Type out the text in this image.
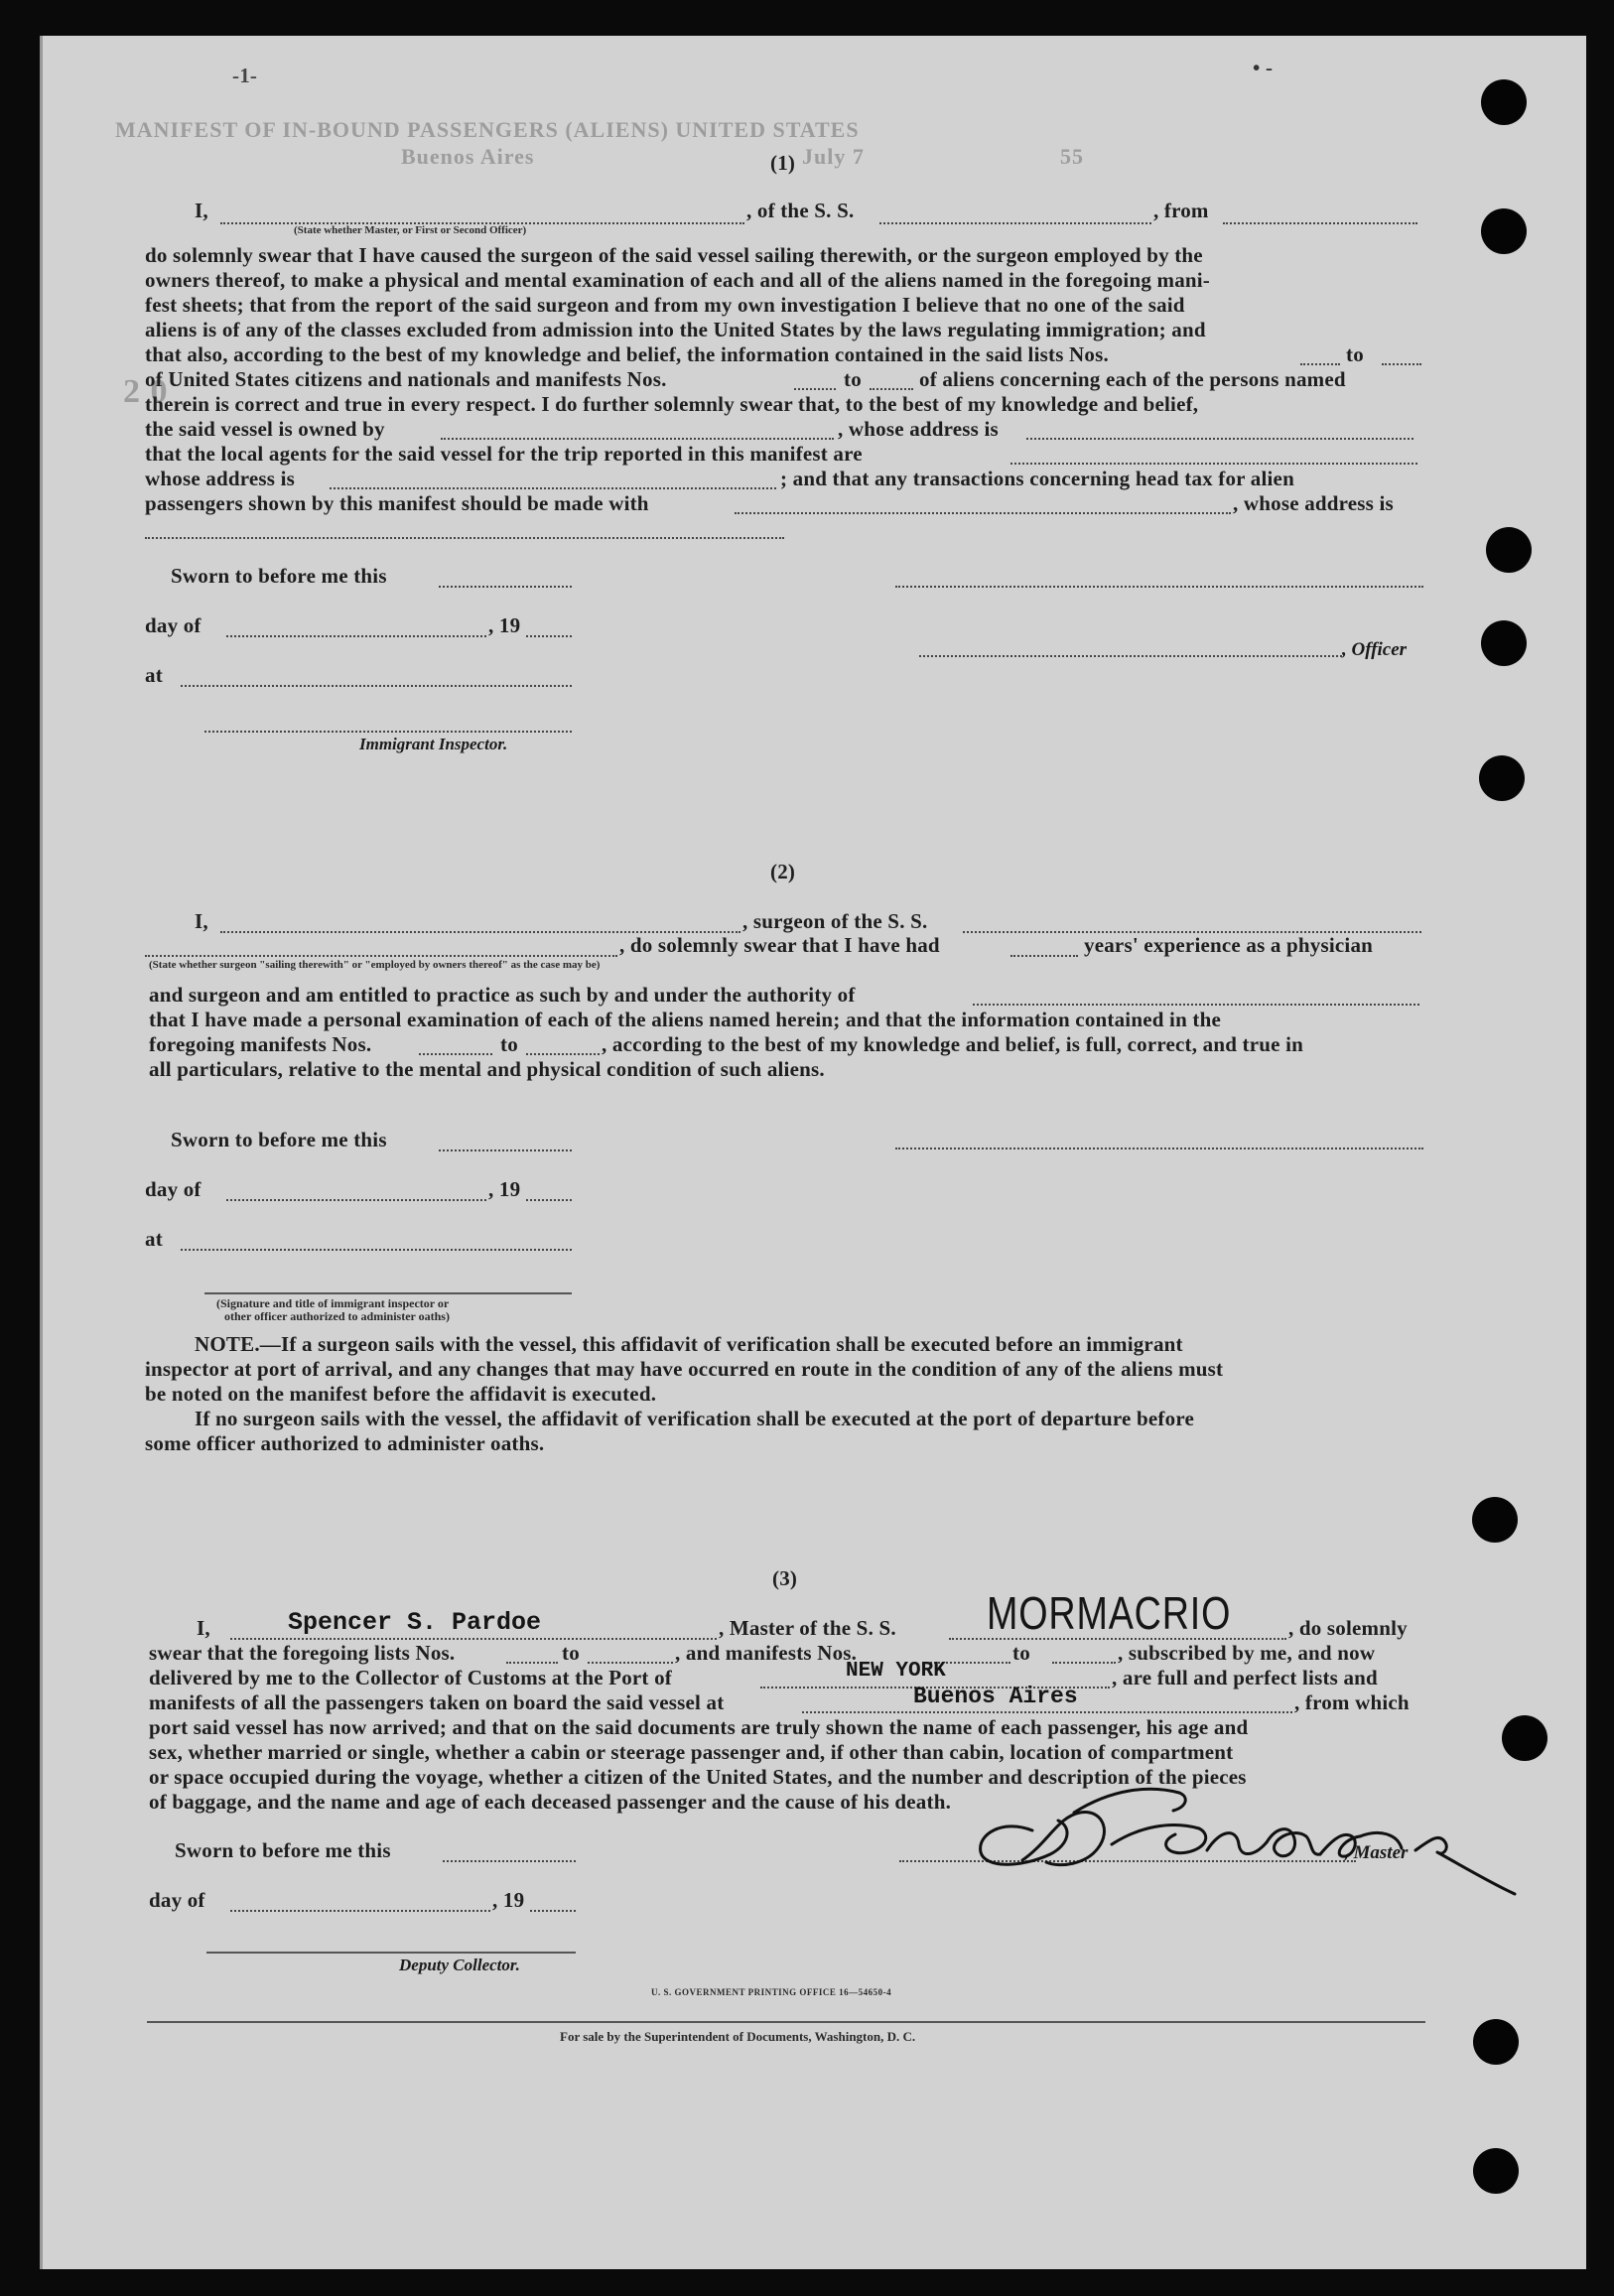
-1-	• -
MANIFEST OF IN-BOUND PASSENGERS (ALIENS) UNITED STATES
Buenos Aires	July 7	55
2 0
(1)
I,	, of the S. S.	, from
(State whether Master, or First or Second Officer)
do solemnly swear that I have caused the surgeon of the said vessel sailing therewith, or the surgeon employed by the
owners thereof, to make a physical and mental examination of each and all of the aliens named in the foregoing mani-
fest sheets; that from the report of the said surgeon and from my own investigation I believe that no one of the said
aliens is of any of the classes excluded from admission into the United States by the laws regulating immigration; and
that also, according to the best of my knowledge and belief, the information contained in the said lists Nos.	to
of United States citizens and nationals and manifests Nos.	to	of aliens concerning each of the persons named
therein is correct and true in every respect. I do further solemnly swear that, to the best of my knowledge and belief,
the said vessel is owned by	, whose address is
that the local agents for the said vessel for the trip reported in this manifest are
whose address is	; and that any transactions concerning head tax for alien
passengers shown by this manifest should be made with	, whose address is
Sworn to before me this
day of	, 19
, Officer
at
Immigrant Inspector.
(2)
I,	, surgeon of the S. S.
, do solemnly swear that I have had	years' experience as a physician
(State whether surgeon "sailing therewith" or "employed by owners thereof" as the case may be)
and surgeon and am entitled to practice as such by and under the authority of
that I have made a personal examination of each of the aliens named herein; and that the information contained in the
foregoing manifests Nos.	to	, according to the best of my knowledge and belief, is full, correct, and true in
all particulars, relative to the mental and physical condition of such aliens.
Sworn to before me this
day of	, 19
at
(Signature and title of immigrant inspector or
other officer authorized to administer oaths)
NOTE.—If a surgeon sails with the vessel, this affidavit of verification shall be executed before an immigrant
inspector at port of arrival, and any changes that may have occurred en route in the condition of any of the aliens must
be noted on the manifest before the affidavit is executed.
If no surgeon sails with the vessel, the affidavit of verification shall be executed at the port of departure before
some officer authorized to administer oaths.
(3)
I,	Spencer S. Pardoe	, Master of the S. S. MORMACRIO	, do solemnly
swear that the foregoing lists Nos.	to	, and manifests Nos.	to	, subscribed by me, and now
delivered by me to the Collector of Customs at the Port of	NEW YORK	, are full and perfect lists and
manifests of all the passengers taken on board the said vessel at	Buenos Aires	, from which
port said vessel has now arrived; and that on the said documents are truly shown the name of each passenger, his age and
sex, whether married or single, whether a cabin or steerage passenger and, if other than cabin, location of compartment
or space occupied during the voyage, whether a citizen of the United States, and the number and description of the pieces
of baggage, and the name and age of each deceased passenger and the cause of his death.
Sworn to before me this	, Master
day of	, 19
Deputy Collector.
U. S. GOVERNMENT PRINTING OFFICE 16—54650-4
For sale by the Superintendent of Documents, Washington, D. C.
